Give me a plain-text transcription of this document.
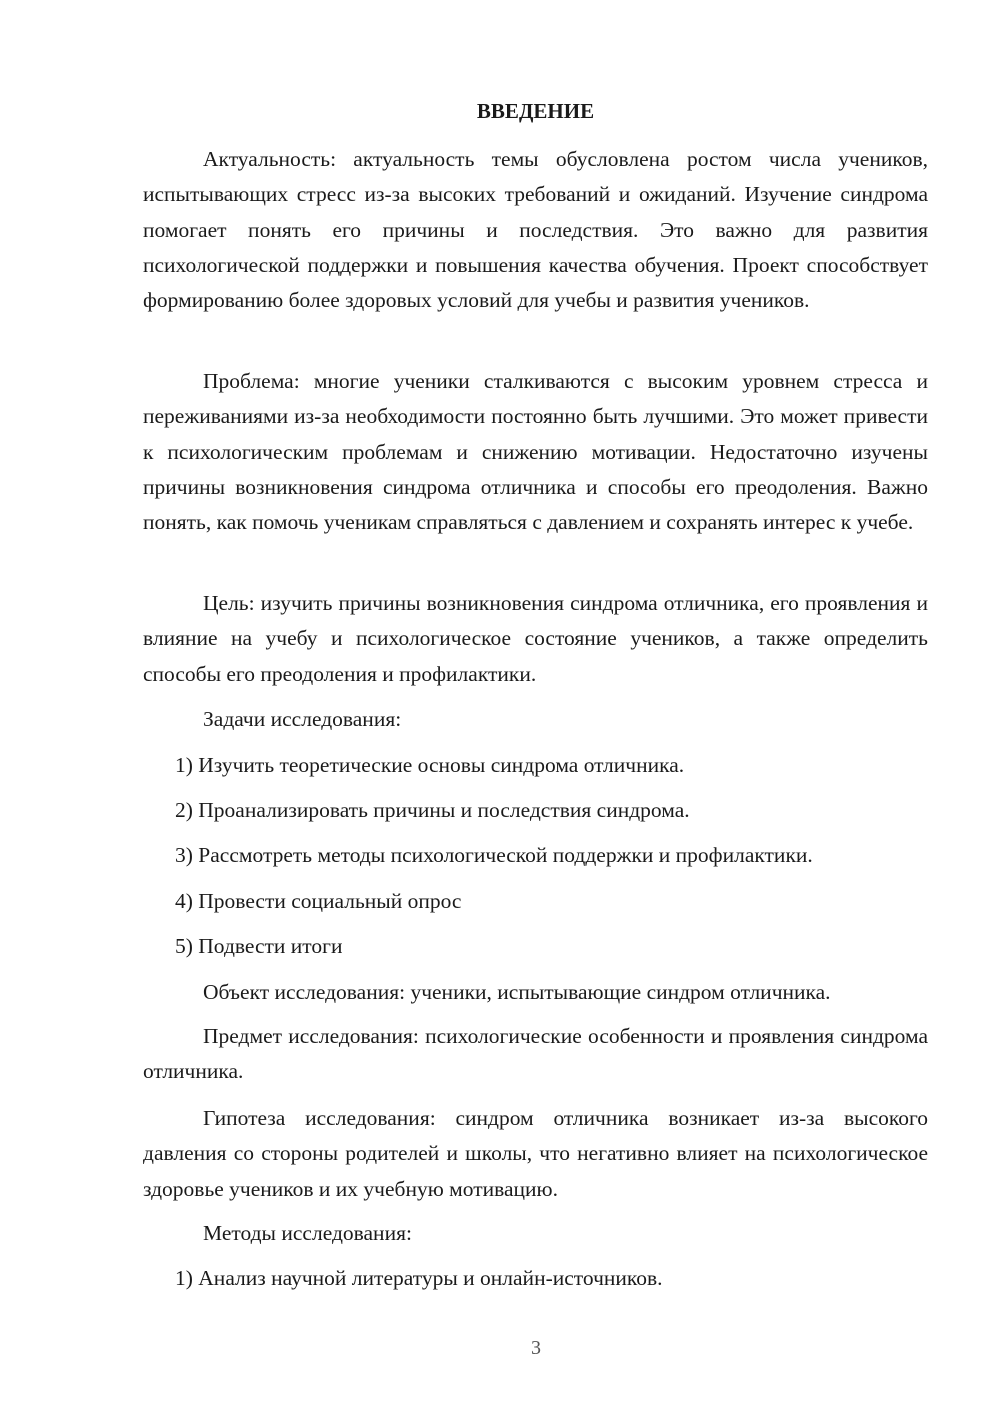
ВВЕДЕНИЕ

Актуальность: актуальность темы обусловлена ростом числа учеников, испытывающих стресс из-за высоких требований и ожиданий. Изучение синдрома помогает понять его причины и последствия. Это важно для развития психологической поддержки и повышения качества обучения. Проект способствует формированию более здоровых условий для учебы и развития учеников.

Проблема: многие ученики сталкиваются с высоким уровнем стресса и переживаниями из-за необходимости постоянно быть лучшими. Это может привести к психологическим проблемам и снижению мотивации. Недостаточно изучены причины возникновения синдрома отличника и способы его преодоления. Важно понять, как помочь ученикам справляться с давлением и сохранять интерес к учебе.

Цель: изучить причины возникновения синдрома отличника, его проявления и влияние на учебу и психологическое состояние учеников, а также определить способы его преодоления и профилактики.

Задачи исследования:

1) Изучить теоретические основы синдрома отличника.

2) Проанализировать причины и последствия синдрома.

3) Рассмотреть методы психологической поддержки и профилактики.

4) Провести социальный опрос

5) Подвести итоги

Объект исследования: ученики, испытывающие синдром отличника.

Предмет исследования: психологические особенности и проявления синдрома отличника.

Гипотеза исследования: синдром отличника возникает из-за высокого давления со стороны родителей и школы, что негативно влияет на психологическое здоровье учеников и их учебную мотивацию.

Методы исследования:

1) Анализ научной литературы и онлайн-источников.

3
